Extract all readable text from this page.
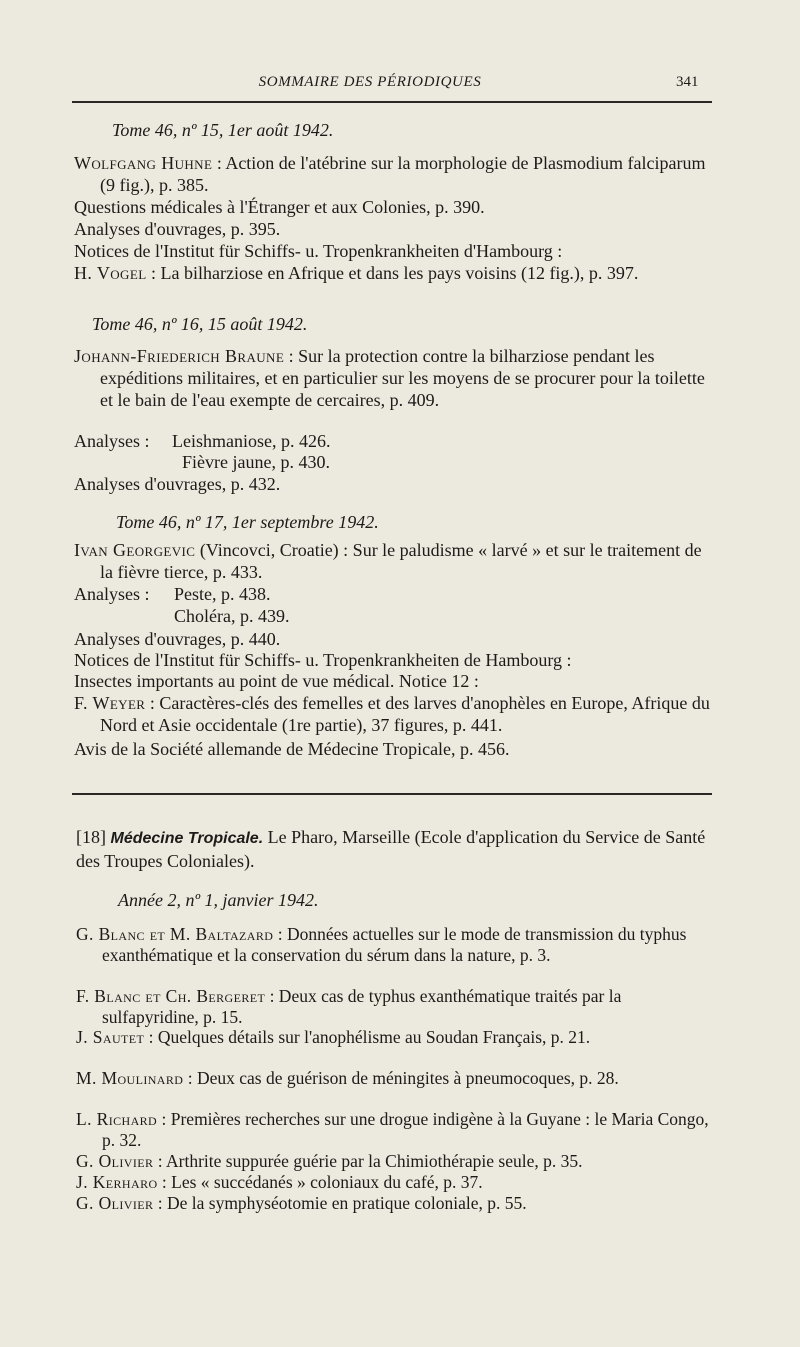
SOMMAIRE DES PÉRIODIQUES	341
Tome 46, nº 15, 1er août 1942.
Wolfgang Huhne : Action de l'atébrine sur la morphologie de Plasmodium falciparum (9 fig.), p. 385.
Questions médicales à l'Étranger et aux Colonies, p. 390.
Analyses d'ouvrages, p. 395.
Notices de l'Institut für Schiffs- u. Tropenkrankheiten d'Hambourg :
H. Vogel : La bilharziose en Afrique et dans les pays voisins (12 fig.), p. 397.
Tome 46, nº 16, 15 août 1942.
Johann-Friederich Braune : Sur la protection contre la bilharziose pendant les expéditions militaires, et en particulier sur les moyens de se procurer pour la toilette et le bain de l'eau exempte de cercaires, p. 409.
Analyses : Leishmaniose, p. 426.
Fièvre jaune, p. 430.
Analyses d'ouvrages, p. 432.
Tome 46, nº 17, 1er septembre 1942.
Ivan Georgevic (Vincovci, Croatie) : Sur le paludisme « larvé » et sur le traitement de la fièvre tierce, p. 433.
Analyses : Peste, p. 438.
Choléra, p. 439.
Analyses d'ouvrages, p. 440.
Notices de l'Institut für Schiffs- u. Tropenkrankheiten de Hambourg :
Insectes importants au point de vue médical. Notice 12 :
F. Weyer : Caractères-clés des femelles et des larves d'anophèles en Europe, Afrique du Nord et Asie occidentale (1re partie), 37 figures, p. 441.
Avis de la Société allemande de Médecine Tropicale, p. 456.
[18] Médecine Tropicale. Le Pharo, Marseille (Ecole d'application du Service de Santé des Troupes Coloniales).
Année 2, nº 1, janvier 1942.
G. Blanc et M. Baltazard : Données actuelles sur le mode de transmission du typhus exanthématique et la conservation du sérum dans la nature, p. 3.
F. Blanc et Ch. Bergeret : Deux cas de typhus exanthématique traités par la sulfapyridine, p. 15.
J. Sautet : Quelques détails sur l'anophélisme au Soudan Français, p. 21.
M. Moulinard : Deux cas de guérison de méningites à pneumocoques, p. 28.
L. Richard : Premières recherches sur une drogue indigène à la Guyane : le Maria Congo, p. 32.
G. Olivier : Arthrite suppurée guérie par la Chimiothérapie seule, p. 35.
J. Kerharo : Les « succédanés » coloniaux du café, p. 37.
G. Olivier : De la symphyséotomie en pratique coloniale, p. 55.
